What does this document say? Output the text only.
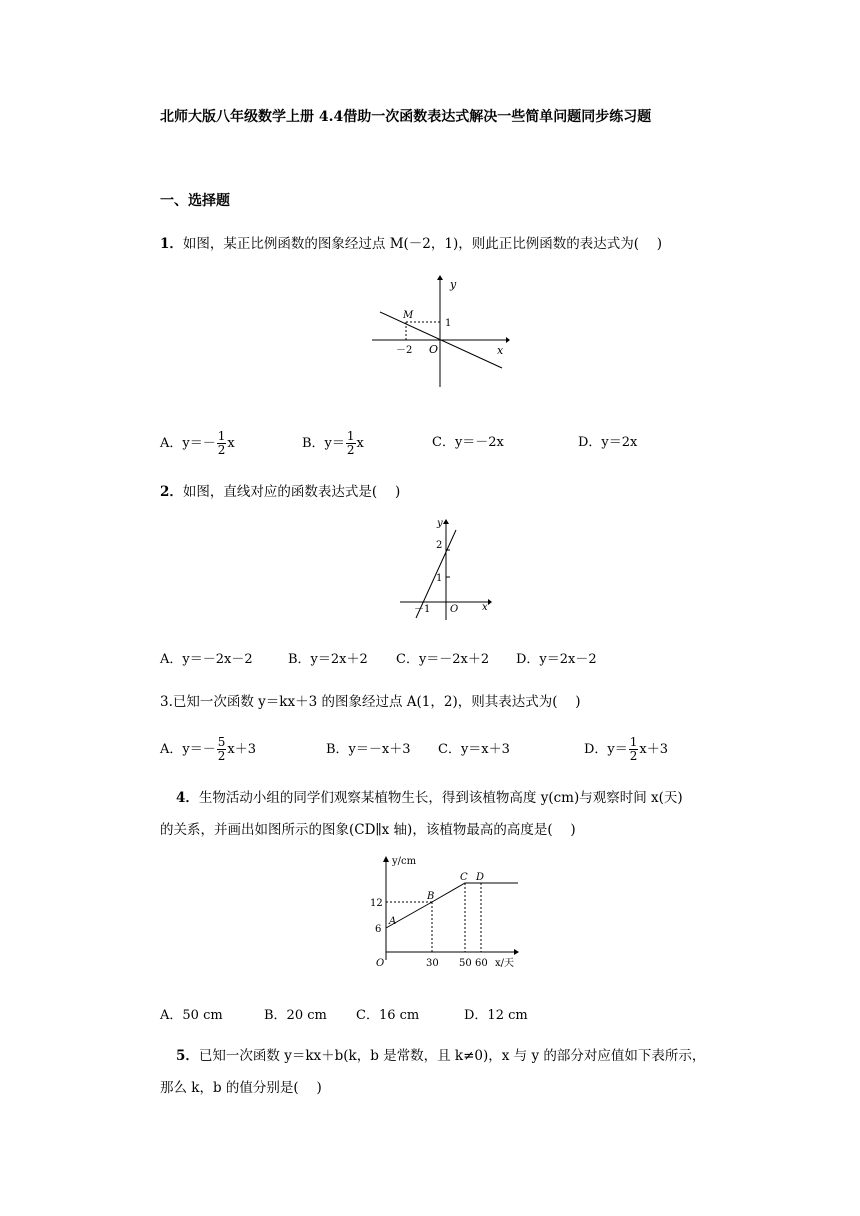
北师大版八年级数学上册 4.4借助一次函数表达式解决一些简单问题同步练习题
一、选择题
1．如图，某正比例函数的图象经过点 M(－2，1)，则此正比例函数的表达式为(　 )
y
x
O
M
－2
1
A．$y=- \frac{1}{2}$ x	B．$y= \frac{1}{2}$ x	C．y＝－2x	D．y＝2x
2．如图，直线对应的函数表达式是(　 )
y
x
O
2
1
－1
A．y＝－2x－2	B．y＝2x＋2 C．y＝－2x＋2 D．y＝2x－2
3.已知一次函数 y＝kx＋3 的图象经过点 A(1，2)，则其表达式为(　 )
A．$y=- \frac{5}{2} x+3$	B．y＝－x＋3 C．y＝x＋3	D．$y= \frac{1}{2} x+3$
4．生物活动小组的同学们观察某植物生长，得到该植物高度 y(cm)与观察时间 x(天)
的关系，并画出如图所示的图象(CD∥x 轴)，该植物最高的高度是(　 )
y/cm
x/天
O
A
B
C D
12
6
30 50 60
A．50 cm	B．20 cm C．16 cm	D．12 cm
5．已知一次函数 y＝kx＋b(k，b 是常数，且 k≠0)，x 与 y 的部分对应值如下表所示，
那么 k，b 的值分别是(　 )
